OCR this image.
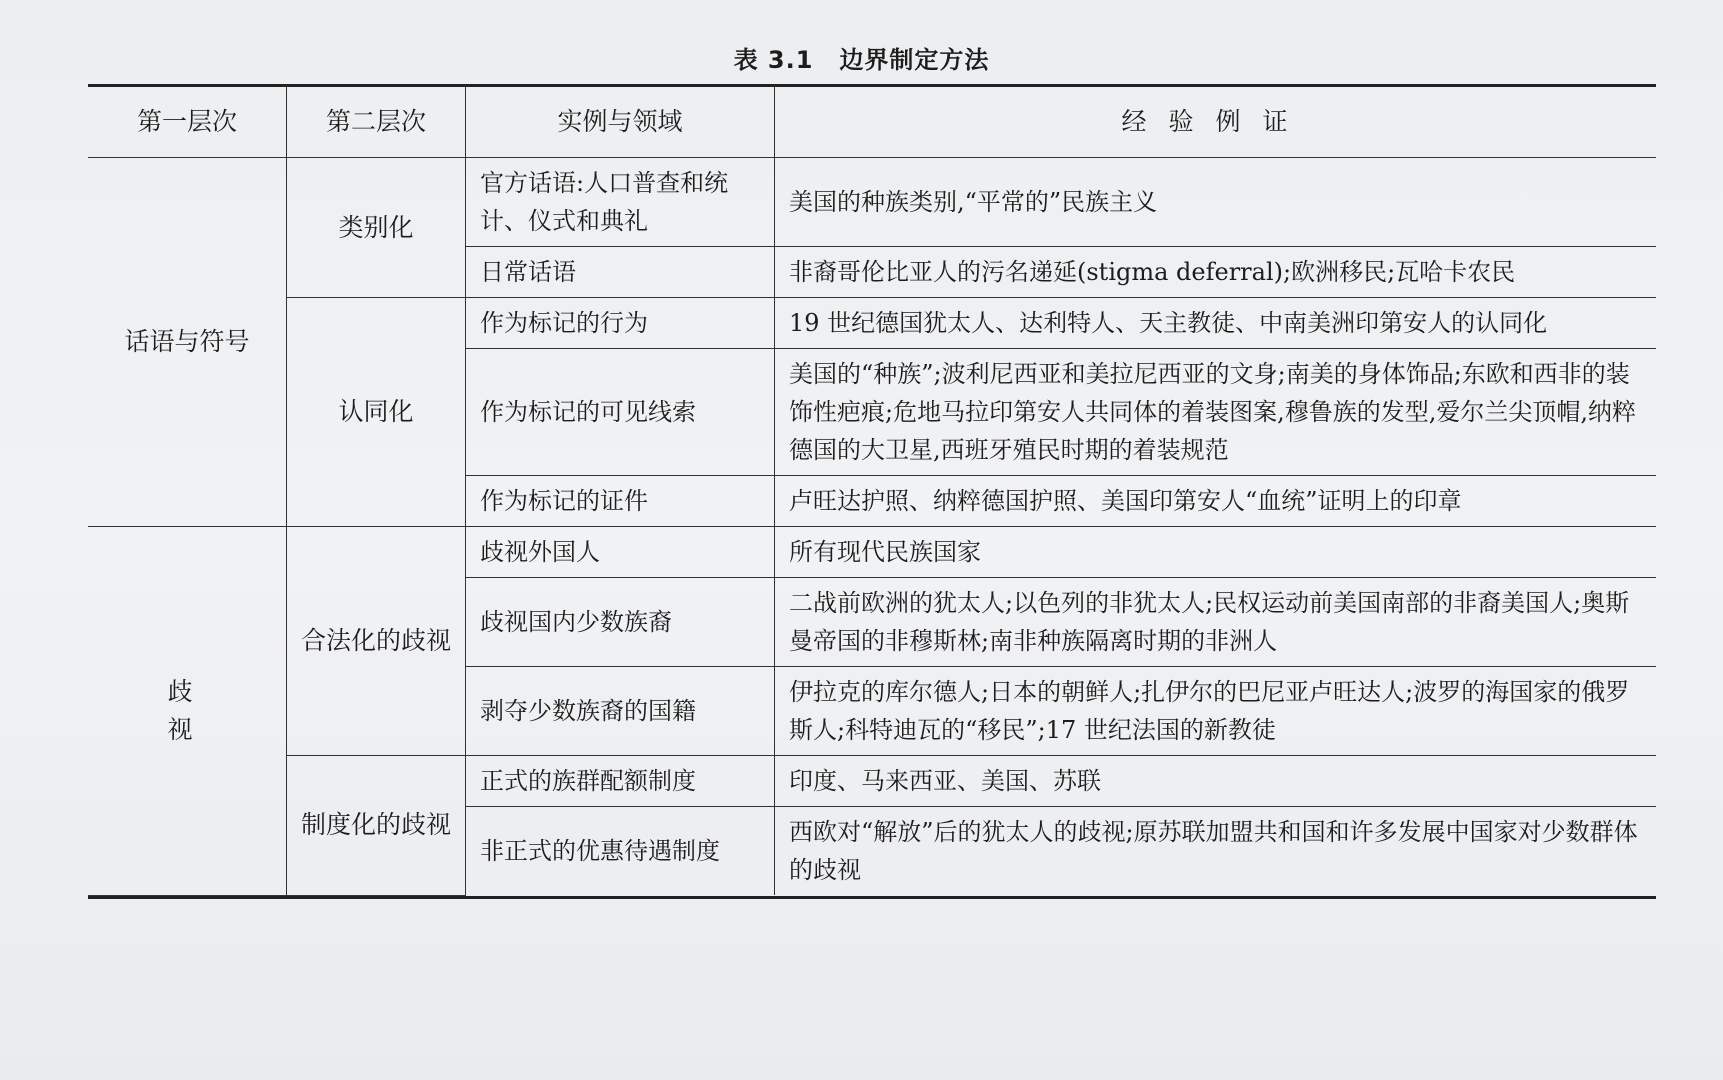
表 3.1 边界制定方法
第一层次	第二层次	实例与领域	经验例证
话语与符号	类别化	官方话语:人口普查和统计、仪式和典礼	美国的种族类别,“平常的”民族主义
		日常话语	非裔哥伦比亚人的污名递延(stigma deferral);欧洲移民;瓦哈卡农民
	认同化	作为标记的行为	19 世纪德国犹太人、达利特人、天主教徒、中南美洲印第安人的认同化
		作为标记的可见线索	美国的“种族”;波利尼西亚和美拉尼西亚的文身;南美的身体饰品;东欧和西非的装饰性疤痕;危地马拉印第安人共同体的着装图案,穆鲁族的发型,爱尔兰尖顶帽,纳粹德国的大卫星,西班牙殖民时期的着装规范
		作为标记的证件	卢旺达护照、纳粹德国护照、美国印第安人“血统”证明上的印章
歧视	合法化的歧视	歧视外国人	所有现代民族国家
		歧视国内少数族裔	二战前欧洲的犹太人;以色列的非犹太人;民权运动前美国南部的非裔美国人;奥斯曼帝国的非穆斯林;南非种族隔离时期的非洲人
		剥夺少数族裔的国籍	伊拉克的库尔德人;日本的朝鲜人;扎伊尔的巴尼亚卢旺达人;波罗的海国家的俄罗斯人;科特迪瓦的“移民”;17 世纪法国的新教徒
	制度化的歧视	正式的族群配额制度	印度、马来西亚、美国、苏联
		非正式的优惠待遇制度	西欧对“解放”后的犹太人的歧视;原苏联加盟共和国和许多发展中国家对少数群体的歧视
